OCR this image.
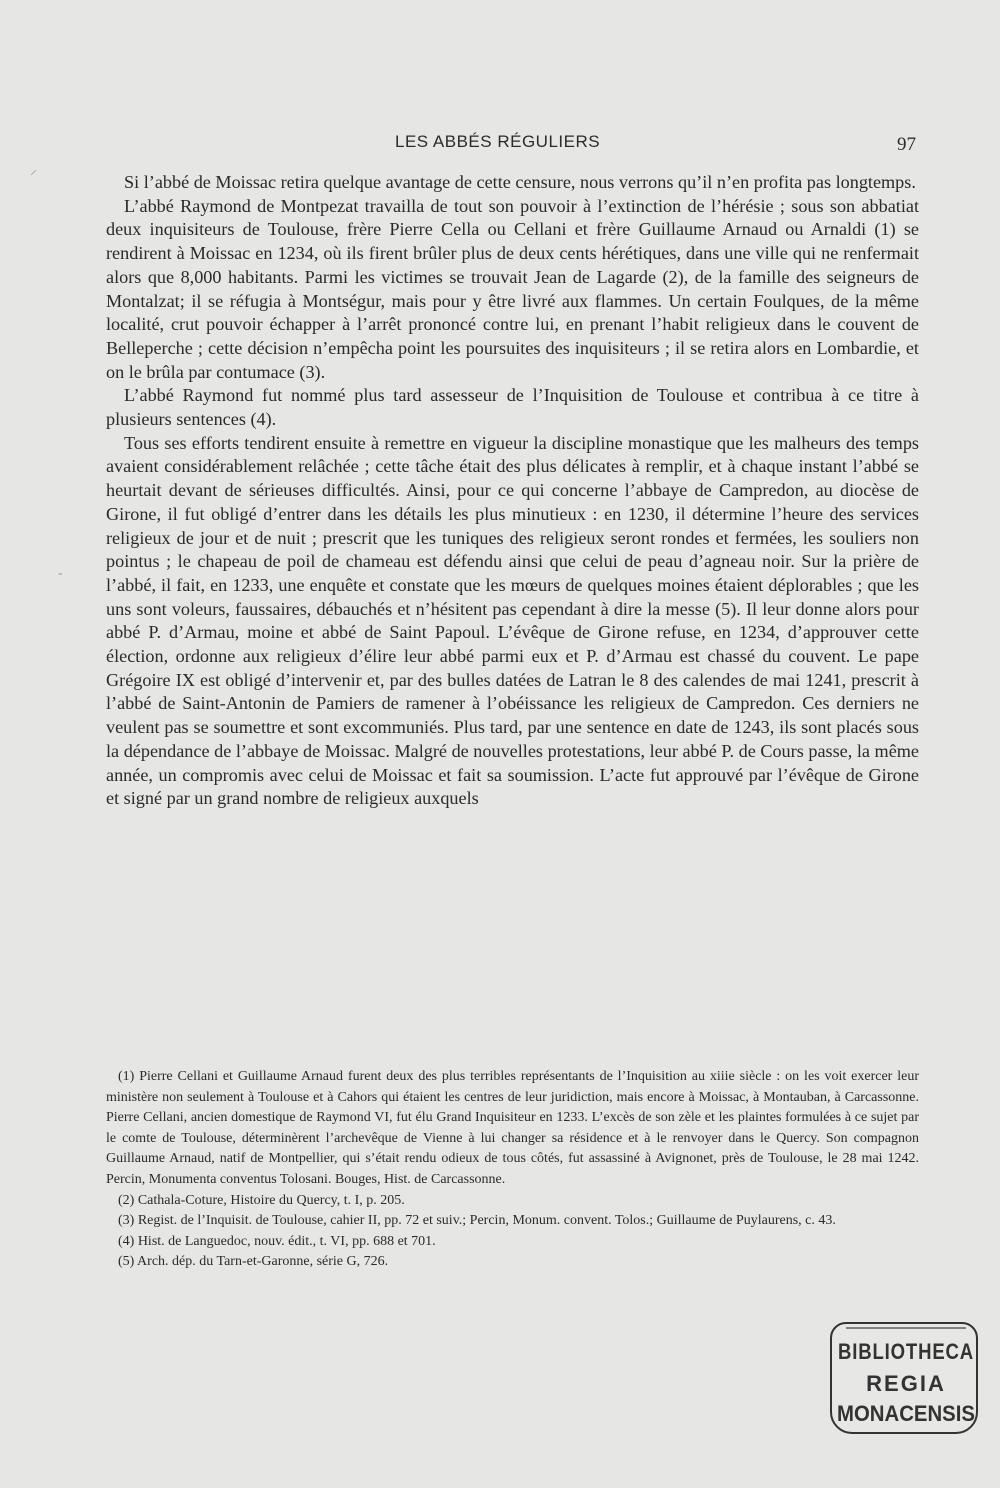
LES ABBÉS RÉGULIERS	97

Si l’abbé de Moissac retira quelque avantage de cette censure, nous verrons qu’il n’en profita pas longtemps.

L’abbé Raymond de Montpezat travailla de tout son pouvoir à l’extinction de l’hérésie ; sous son abbatiat deux inquisiteurs de Toulouse, frère Pierre Cella ou Cellani et frère Guillaume Arnaud ou Arnaldi (1) se rendirent à Moissac en 1234, où ils firent brûler plus de deux cents hérétiques, dans une ville qui ne renfermait alors que 8,000 habitants. Parmi les victimes se trouvait Jean de Lagarde (2), de la famille des seigneurs de Montalzat; il se réfugia à Montségur, mais pour y être livré aux flammes. Un certain Foulques, de la même localité, crut pouvoir échapper à l’arrêt prononcé contre lui, en prenant l’habit religieux dans le couvent de Belleperche ; cette décision n’empêcha point les poursuites des inquisiteurs ; il se retira alors en Lombardie, et on le brûla par contumace (3).

L’abbé Raymond fut nommé plus tard assesseur de l’Inquisition de Toulouse et contribua à ce titre à plusieurs sentences (4).

Tous ses efforts tendirent ensuite à remettre en vigueur la discipline monastique que les malheurs des temps avaient considérablement relâchée ; cette tâche était des plus délicates à remplir, et à chaque instant l’abbé se heurtait devant de sérieuses difficultés. Ainsi, pour ce qui concerne l’abbaye de Campredon, au diocèse de Girone, il fut obligé d’entrer dans les détails les plus minutieux : en 1230, il détermine l’heure des services religieux de jour et de nuit ; prescrit que les tuniques des religieux seront rondes et fermées, les souliers non pointus ; le chapeau de poil de chameau est défendu ainsi que celui de peau d’agneau noir. Sur la prière de l’abbé, il fait, en 1233, une enquête et constate que les mœurs de quelques moines étaient déplorables ; que les uns sont voleurs, faussaires, débauchés et n’hésitent pas cependant à dire la messe (5). Il leur donne alors pour abbé P. d’Armau, moine et abbé de Saint Papoul. L’évêque de Girone refuse, en 1234, d’approuver cette élection, ordonne aux religieux d’élire leur abbé parmi eux et P. d’Armau est chassé du couvent. Le pape Grégoire IX est obligé d’intervenir et, par des bulles datées de Latran le 8 des calendes de mai 1241, prescrit à l’abbé de Saint-Antonin de Pamiers de ramener à l’obéissance les religieux de Campredon. Ces derniers ne veulent pas se soumettre et sont excommuniés. Plus tard, par une sentence en date de 1243, ils sont placés sous la dépendance de l’abbaye de Moissac. Malgré de nouvelles protestations, leur abbé P. de Cours passe, la même année, un compromis avec celui de Moissac et fait sa soumission. L’acte fut approuvé par l’évêque de Girone et signé par un grand nombre de religieux auxquels

(1) Pierre Cellani et Guillaume Arnaud furent deux des plus terribles représentants de l’Inquisition au xiiie siècle : on les voit exercer leur ministère non seulement à Toulouse et à Cahors qui étaient les centres de leur juridiction, mais encore à Moissac, à Montauban, à Carcassonne. Pierre Cellani, ancien domestique de Raymond VI, fut élu Grand Inquisiteur en 1233. L’excès de son zèle et les plaintes formulées à ce sujet par le comte de Toulouse, déterminèrent l’archevêque de Vienne à lui changer sa résidence et à le renvoyer dans le Quercy. Son compagnon Guillaume Arnaud, natif de Montpellier, qui s’était rendu odieux de tous côtés, fut assassiné à Avignonet, près de Toulouse, le 28 mai 1242. Percin, Monumenta conventus Tolosani. Bouges, Hist. de Carcassonne.

(2) Cathala-Coture, Histoire du Quercy, t. I, p. 205.

(3) Regist. de l’Inquisit. de Toulouse, cahier II, pp. 72 et suiv.; Percin, Monum. convent. Tolos.; Guillaume de Puylaurens, c. 43.

(4) Hist. de Languedoc, nouv. édit., t. VI, pp. 688 et 701.

(5) Arch. dép. du Tarn-et-Garonne, série G, 726.

⸝
-
BIBLIOTHECA
REGIA
MONACENSIS
